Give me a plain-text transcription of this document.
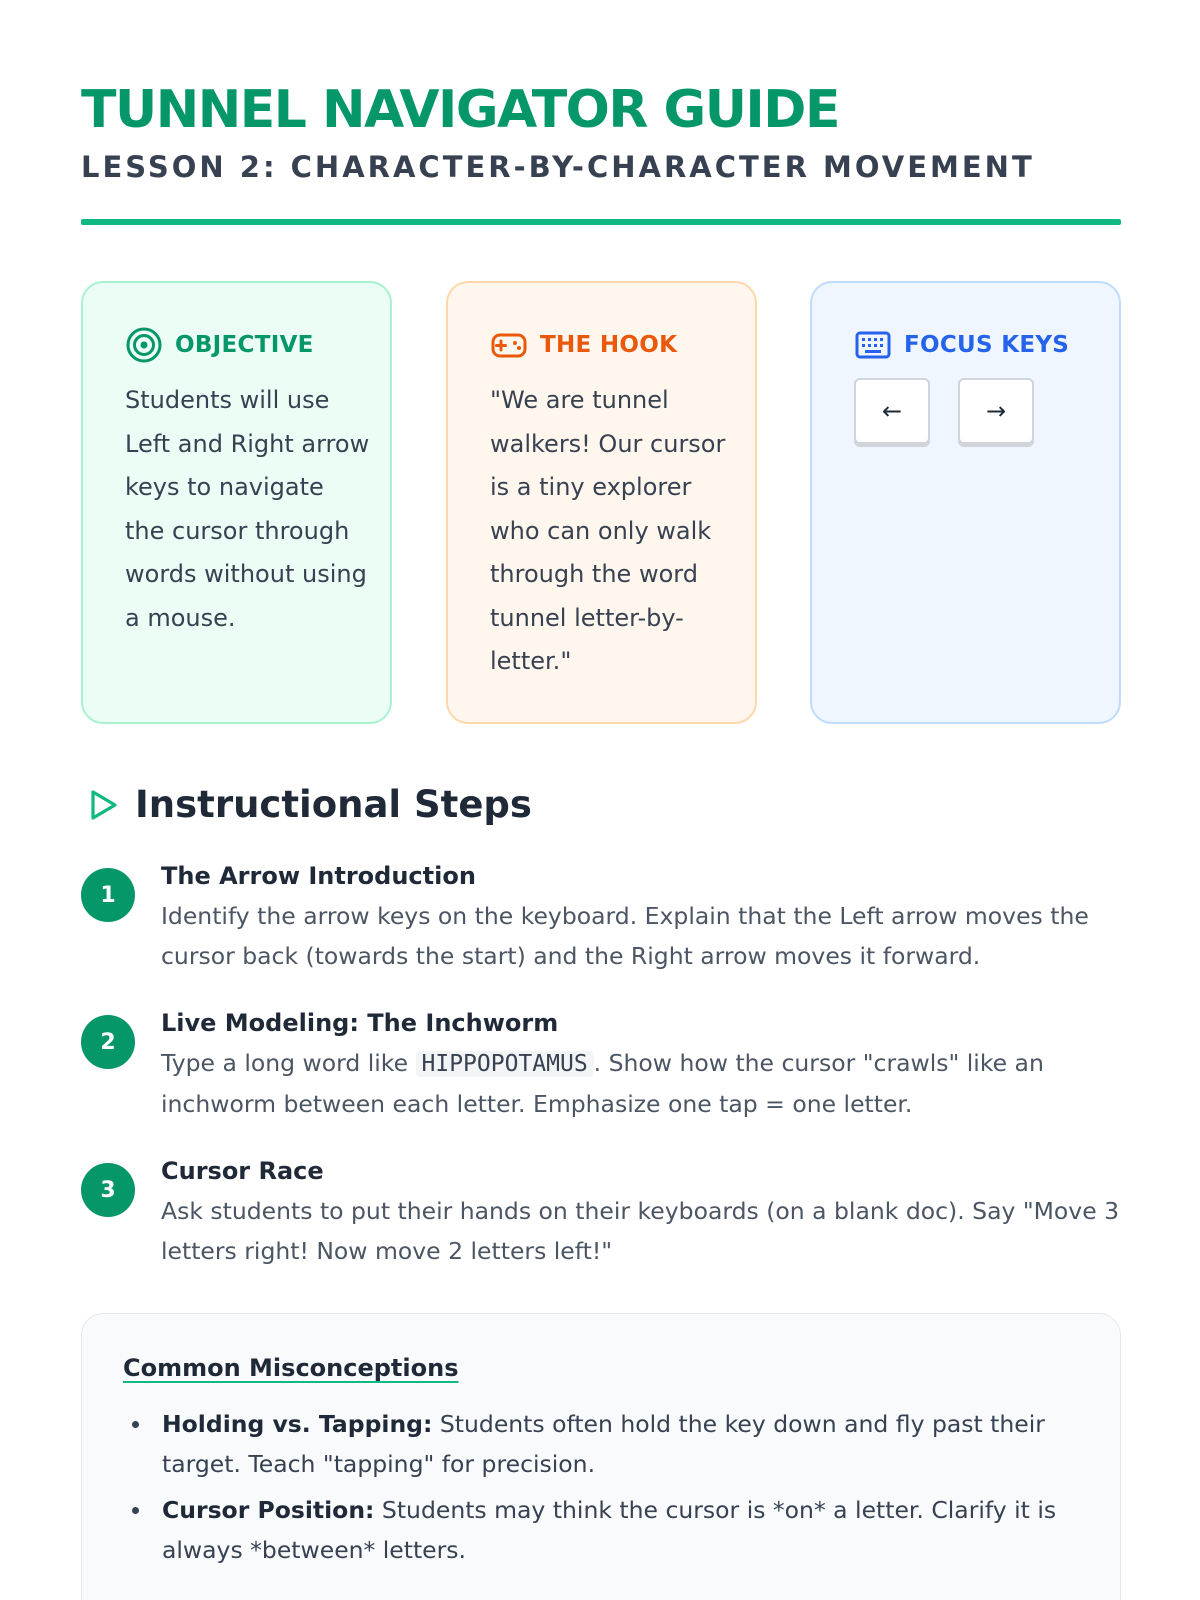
TUNNEL NAVIGATOR GUIDE
LESSON 2: CHARACTER-BY-CHARACTER MOVEMENT
OBJECTIVE

Students will use Left and Right arrow keys to navigate the cursor through words without using a mouse.

THE HOOK

"We are tunnel walkers! Our cursor is a tiny explorer who can only walk through the word tunnel letter-by-letter."

FOCUS KEYS
←	→
Instructional Steps
1
The Arrow Introduction

Identify the arrow keys on the keyboard. Explain that the Left arrow moves the cursor back (towards the start) and the Right arrow moves it forward.

2
Live Modeling: The Inchworm

Type a long word like HIPPOPOTAMUS . Show how the cursor "crawls" like an inchworm between each letter. Emphasize one tap = one letter.

3
Cursor Race

Ask students to put their hands on their keyboards (on a blank doc). Say "Move 3 letters right! Now move 2 letters left!"

Common Misconceptions
Holding vs. Tapping: Students often hold the key down and fly past their target. Teach "tapping" for precision.
Cursor Position: Students may think the cursor is *on* a letter. Clarify it is always *between* letters.
